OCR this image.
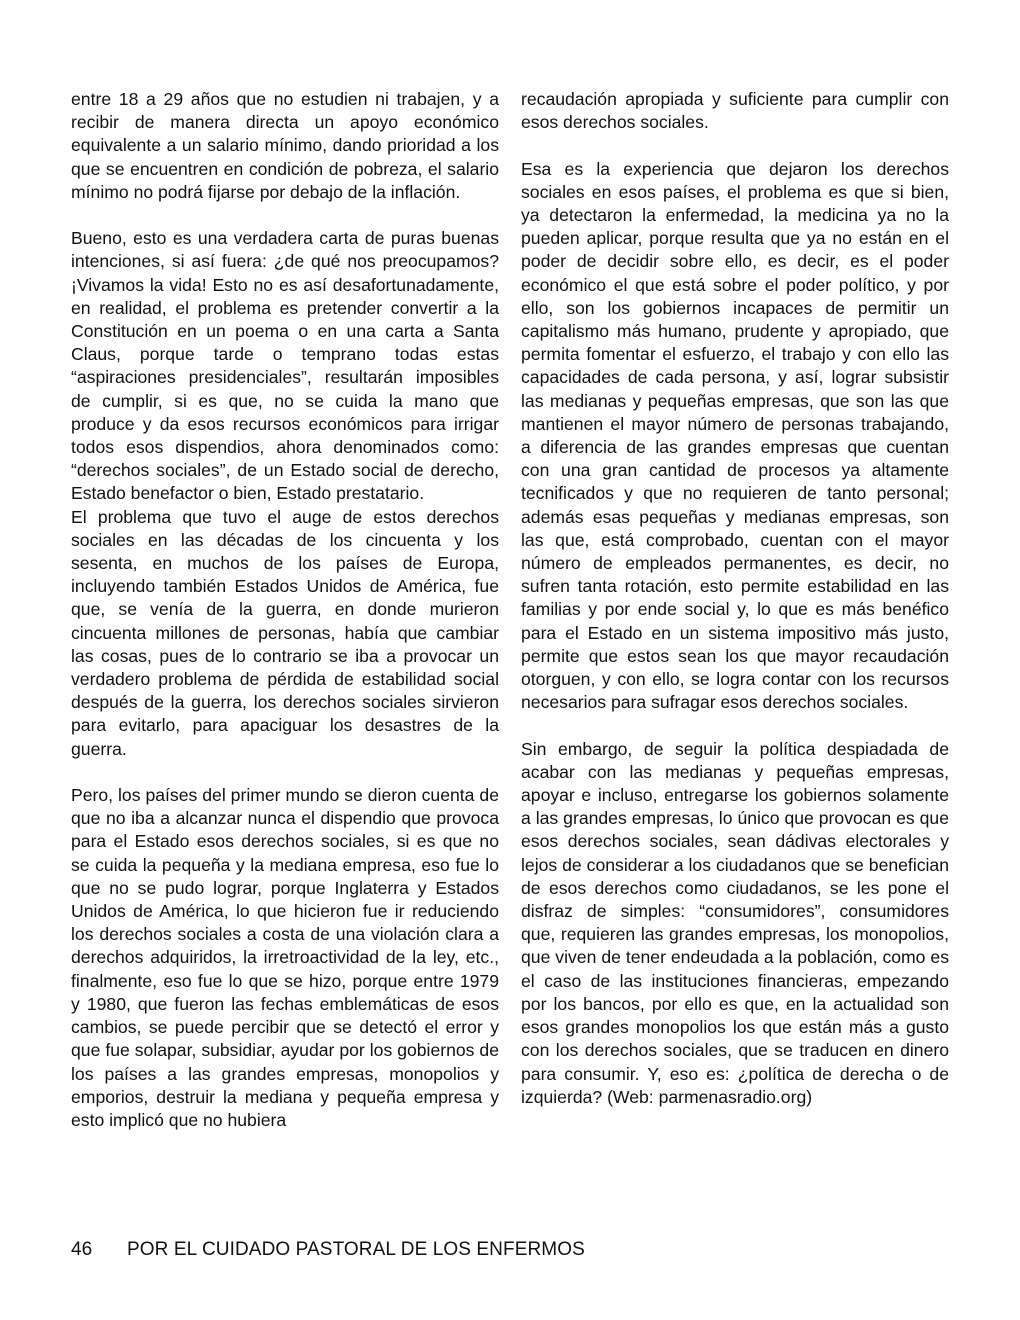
entre 18 a 29 años que no estudien ni trabajen, y a recibir de manera directa un apoyo económico equivalente a un salario mínimo, dando prioridad a los que se encuentren en condición de pobreza, el salario mínimo no podrá fijarse por debajo de la inflación.

Bueno, esto es una verdadera carta de puras buenas intenciones, si así fuera: ¿de qué nos preocupamos? ¡Vivamos la vida! Esto no es así desafortunadamente, en realidad, el problema es pretender convertir a la Constitución en un poema o en una carta a Santa Claus, porque tarde o temprano todas estas “aspiraciones presidenciales”, resultarán imposibles de cumplir, si es que, no se cuida la mano que produce y da esos recursos económicos para irrigar todos esos dispendios, ahora denominados como: “derechos sociales”, de un Estado social de derecho, Estado benefactor o bien, Estado prestatario.

El problema que tuvo el auge de estos derechos sociales en las décadas de los cincuenta y los sesenta, en muchos de los países de Europa, incluyendo también Estados Unidos de América, fue que, se venía de la guerra, en donde murieron cincuenta millones de personas, había que cambiar las cosas, pues de lo contrario se iba a provocar un verdadero problema de pérdida de estabilidad social después de la guerra, los derechos sociales sirvieron para evitarlo, para apaciguar los desastres de la guerra.

Pero, los países del primer mundo se dieron cuenta de que no iba a alcanzar nunca el dispendio que provoca para el Estado esos derechos sociales, si es que no se cuida la pequeña y la mediana empresa, eso fue lo que no se pudo lograr, porque Inglaterra y Estados Unidos de América, lo que hicieron fue ir reduciendo los derechos sociales a costa de una violación clara a derechos adquiridos, la irretroactividad de la ley, etc., finalmente, eso fue lo que se hizo, porque entre 1979 y 1980, que fueron las fechas emblemáticas de esos cambios, se puede percibir que se detectó el error y que fue solapar, subsidiar, ayudar por los gobiernos de los países a las grandes empresas, monopolios y emporios, destruir la mediana y pequeña empresa y esto implicó que no hubiera

recaudación apropiada y suficiente para cumplir con esos derechos sociales.

Esa es la experiencia que dejaron los derechos sociales en esos países, el problema es que si bien, ya detectaron la enfermedad, la medicina ya no la pueden aplicar, porque resulta que ya no están en el poder de decidir sobre ello, es decir, es el poder económico el que está sobre el poder político, y por ello, son los gobiernos incapaces de permitir un capitalismo más humano, prudente y apropiado, que permita fomentar el esfuerzo, el trabajo y con ello las capacidades de cada persona, y así, lograr subsistir las medianas y pequeñas empresas, que son las que mantienen el mayor número de personas trabajando, a diferencia de las grandes empresas que cuentan con una gran cantidad de procesos ya altamente tecnificados y que no requieren de tanto personal; además esas pequeñas y medianas empresas, son las que, está comprobado, cuentan con el mayor número de empleados permanentes, es decir, no sufren tanta rotación, esto permite estabilidad en las familias y por ende social y, lo que es más benéfico para el Estado en un sistema impositivo más justo, permite que estos sean los que mayor recaudación otorguen, y con ello, se logra contar con los recursos necesarios para sufragar esos derechos sociales.

Sin embargo, de seguir la política despiadada de acabar con las medianas y pequeñas empresas, apoyar e incluso, entregarse los gobiernos solamente a las grandes empresas, lo único que provocan es que esos derechos sociales, sean dádivas electorales y lejos de considerar a los ciudadanos que se benefician de esos derechos como ciudadanos, se les pone el disfraz de simples: “consumidores”, consumidores que, requieren las grandes empresas, los monopolios, que viven de tener endeudada a la población, como es el caso de las instituciones financieras, empezando por los bancos, por ello es que, en la actualidad son esos grandes monopolios los que están más a gusto con los derechos sociales, que se traducen en dinero para consumir. Y, eso es: ¿política de derecha o de izquierda? (Web: parmenasradio.org)

46 POR EL CUIDADO PASTORAL DE LOS ENFERMOS
